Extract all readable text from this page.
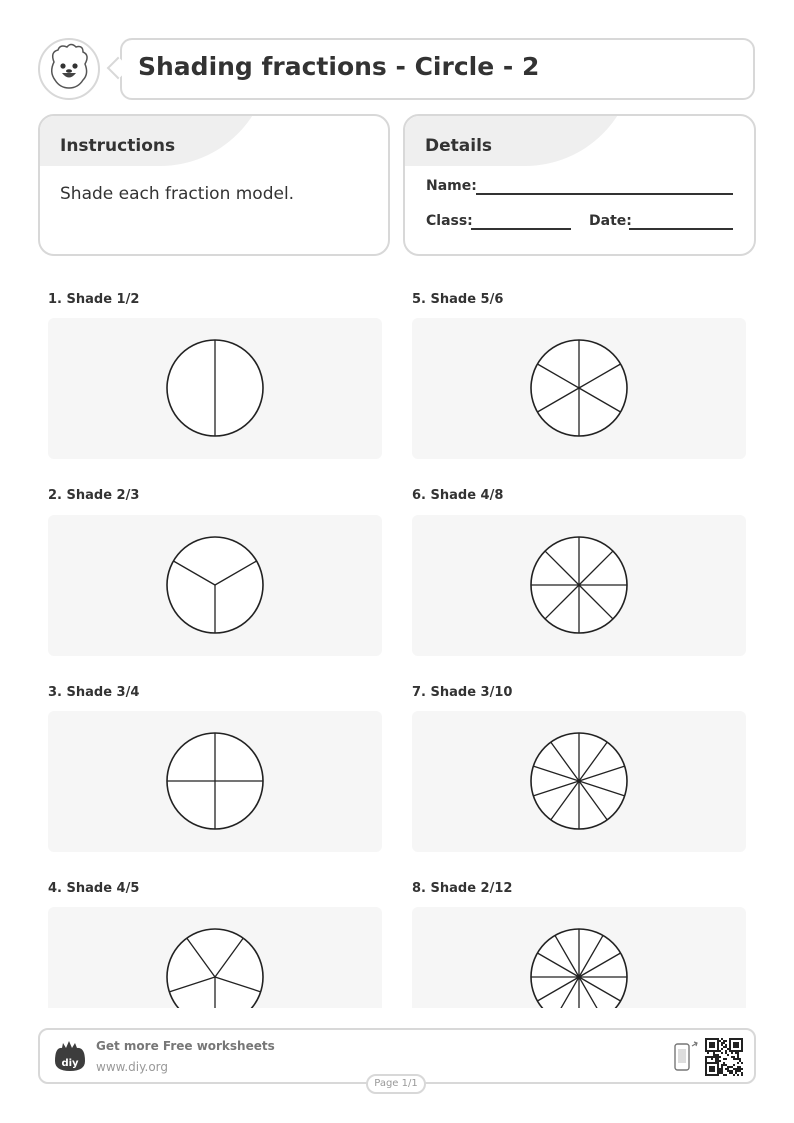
Shading fractions - Circle - 2
Instructions
Shade each fraction model.
Details
Name:
Class:	Date:
1. Shade 1/2
2. Shade 2/3
3. Shade 3/4
4. Shade 4/5
5. Shade 5/6
6. Shade 4/8
7. Shade 3/10
8. Shade 2/12
diy
Get more Free worksheets
www.diy.org
Page 1/1
